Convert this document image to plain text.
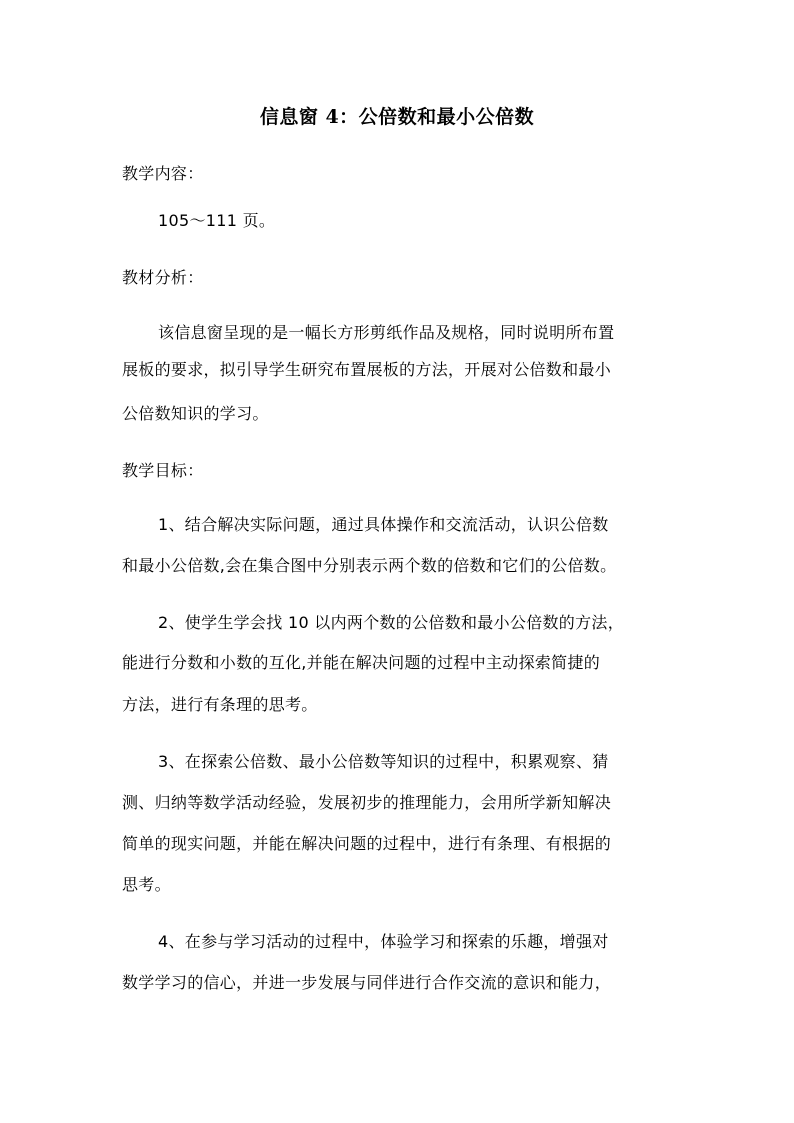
信息窗 4：公倍数和最小公倍数
教学内容：
105～111 页。
教材分析：
该信息窗呈现的是一幅长方形剪纸作品及规格，同时说明所布置
展板的要求，拟引导学生研究布置展板的方法，开展对公倍数和最小
公倍数知识的学习。
教学目标：
1、结合解决实际问题，通过具体操作和交流活动，认识公倍数
和最小公倍数,会在集合图中分别表示两个数的倍数和它们的公倍数。
2、使学生学会找 10 以内两个数的公倍数和最小公倍数的方法，
能进行分数和小数的互化,并能在解决问题的过程中主动探索简捷的
方法，进行有条理的思考。
3、在探索公倍数、最小公倍数等知识的过程中，积累观察、猜
测、归纳等数学活动经验，发展初步的推理能力，会用所学新知解决
简单的现实问题，并能在解决问题的过程中，进行有条理、有根据的
思考。
4、在参与学习活动的过程中，体验学习和探索的乐趣，增强对
数学学习的信心，并进一步发展与同伴进行合作交流的意识和能力，
